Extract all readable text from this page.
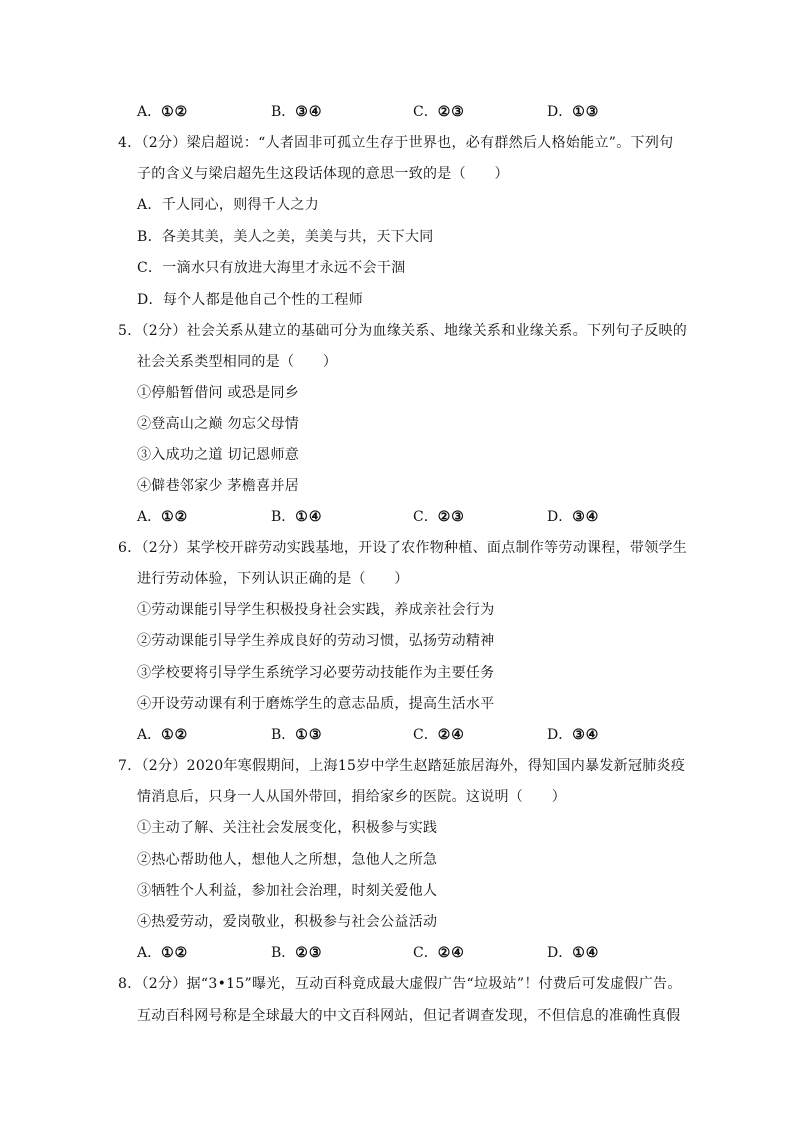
A．①②	B．③④	C．②③	D．①③
4．（2分）梁启超说：“人者固非可孤立生存于世界也，必有群然后人格始能立”。下列句
子的含义与梁启超先生这段话体现的意思一致的是（　　）
A．千人同心，则得千人之力
B．各美其美，美人之美，美美与共，天下大同
C．一滴水只有放进大海里才永远不会干涸
D．每个人都是他自己个性的工程师
5．（2分）社会关系从建立的基础可分为血缘关系、地缘关系和业缘关系。下列句子反映的
社会关系类型相同的是（　　）
①停船暂借问 或恐是同乡
②登高山之巅 勿忘父母情
③入成功之道 切记恩师意
④僻巷邻家少 茅檐喜并居
A．①②	B．①④	C．②③	D．③④
6．（2分）某学校开辟劳动实践基地，开设了农作物种植、面点制作等劳动课程，带领学生
进行劳动体验，下列认识正确的是（　　）
①劳动课能引导学生积极投身社会实践，养成亲社会行为
②劳动课能引导学生养成良好的劳动习惯，弘扬劳动精神
③学校要将引导学生系统学习必要劳动技能作为主要任务
④开设劳动课有利于磨炼学生的意志品质，提高生活水平
A．①②	B．①③	C．②④	D．③④
7．（2分）2020年寒假期间，上海15岁中学生赵踏延旅居海外，得知国内暴发新冠肺炎疫
情消息后，只身一人从国外带回，捐给家乡的医院。这说明（　　）
①主动了解、关注社会发展变化，积极参与实践
②热心帮助他人，想他人之所想，急他人之所急
③牺牲个人利益，参加社会治理，时刻关爱他人
④热爱劳动，爱岗敬业，积极参与社会公益活动
A．①②	B．②③	C．②④	D．①④
8．（2分）据“3•15”曝光，互动百科竟成最大虚假广告“垃圾站”！付费后可发虚假广告。
互动百科网号称是全球最大的中文百科网站，但记者调查发现，不但信息的准确性真假
